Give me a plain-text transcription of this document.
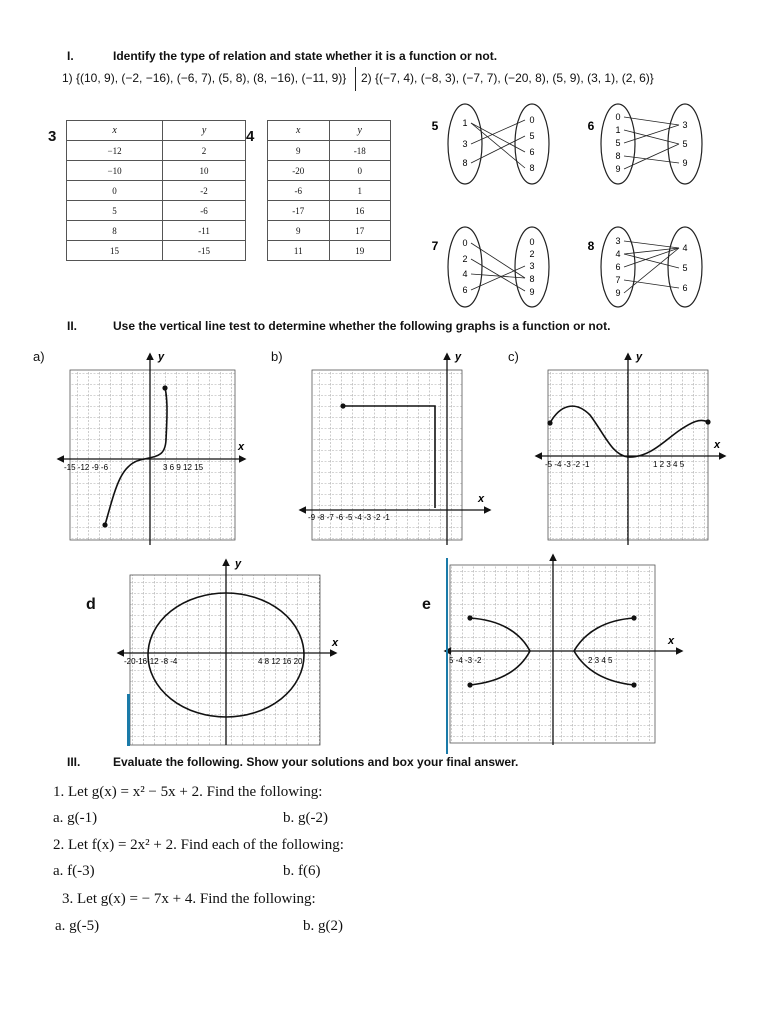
I.	Identify the type of relation and state whether it is a function or not.
1) {(10, 9), (−2, −16), (−6, 7), (5, 8), (8, −16), (−11, 9)} 2) {(−7, 4), (−8, 3), (−7, 7), (−20, 8), (5, 9), (3, 1), (2, 6)}
3	x	y
−12	2
−10	10
0	-2
5	-6
8	-11
15	-15
4	x	y
9	-18
-20	0
-6	1
-17	16
9	17
11	19
5	1
3
8
0
5
6
8
6
0
1
5
8
9
3
5
9
7	0
2
4
6
0
2
3
8
9
8 3
4
6
7
9
4
5
6
II.	Use the vertical line test to determine whether the following graphs is a function or not.
a)	b)	c)
d	e
y
x
-15 -12 -9 -6	3 6 9 12 15
y
x
-9 -8 -7 -6 -5 -4 -3 -2 -1
y
x
-5 -4 -3 -2 -1	1 2 3 4 5
y
x
-20-16-12 -8 -4	4 8 12 16 20
x
5 -4 -3 -2	2 3 4 5
III.	Evaluate the following. Show your solutions and box your final answer.
1. Let g(x) = x² − 5x + 2. Find the following:
a. g(-1)	b. g(-2)
2. Let f(x) = 2x² + 2. Find each of the following:
a. f(-3)	b. f(6)
3. Let g(x) = − 7x + 4. Find the following:
a. g(-5)	b. g(2)
